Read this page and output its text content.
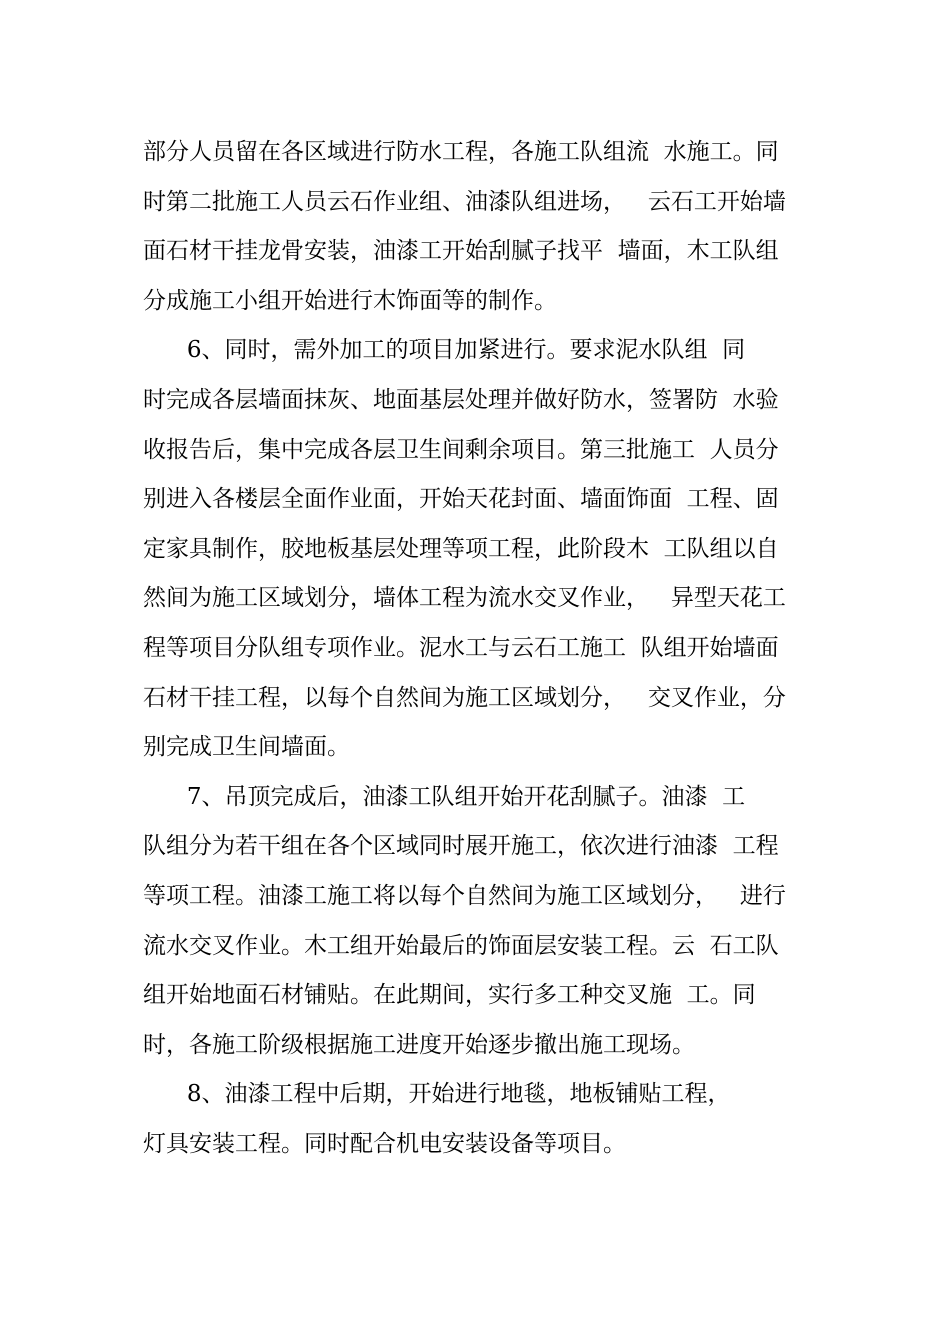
部分人员留在各区域进行防水工程，各施工队组流  水施工。同
时第二批施工人员云石作业组、油漆队组进场，   云石工开始墙
面石材干挂龙骨安装，油漆工开始刮腻子找平  墙面，木工队组
分成施工小组开始进行木饰面等的制作。
6、同时，需外加工的项目加紧进行。要求泥水队组  同
时完成各层墙面抹灰、地面基层处理并做好防水，签署防  水验
收报告后，集中完成各层卫生间剩余项目。第三批施工  人员分
别进入各楼层全面作业面，开始天花封面、墙面饰面  工程、固
定家具制作，胶地板基层处理等项工程，此阶段木  工队组以自
然间为施工区域划分，墙体工程为流水交叉作业，   异型天花工
程等项目分队组专项作业。泥水工与云石工施工  队组开始墙面
石材干挂工程，以每个自然间为施工区域划分，   交叉作业，分
别完成卫生间墙面。
7、吊顶完成后，油漆工队组开始开花刮腻子。油漆  工
队组分为若干组在各个区域同时展开施工，依次进行油漆  工程
等项工程。油漆工施工将以每个自然间为施工区域划分，   进行
流水交叉作业。木工组开始最后的饰面层安装工程。云  石工队
组开始地面石材铺贴。在此期间，实行多工种交叉施  工。同
时，各施工阶级根据施工进度开始逐步撤出施工现场。
8、油漆工程中后期，开始进行地毯，地板铺贴工程，
灯具安装工程。同时配合机电安装设备等项目。
